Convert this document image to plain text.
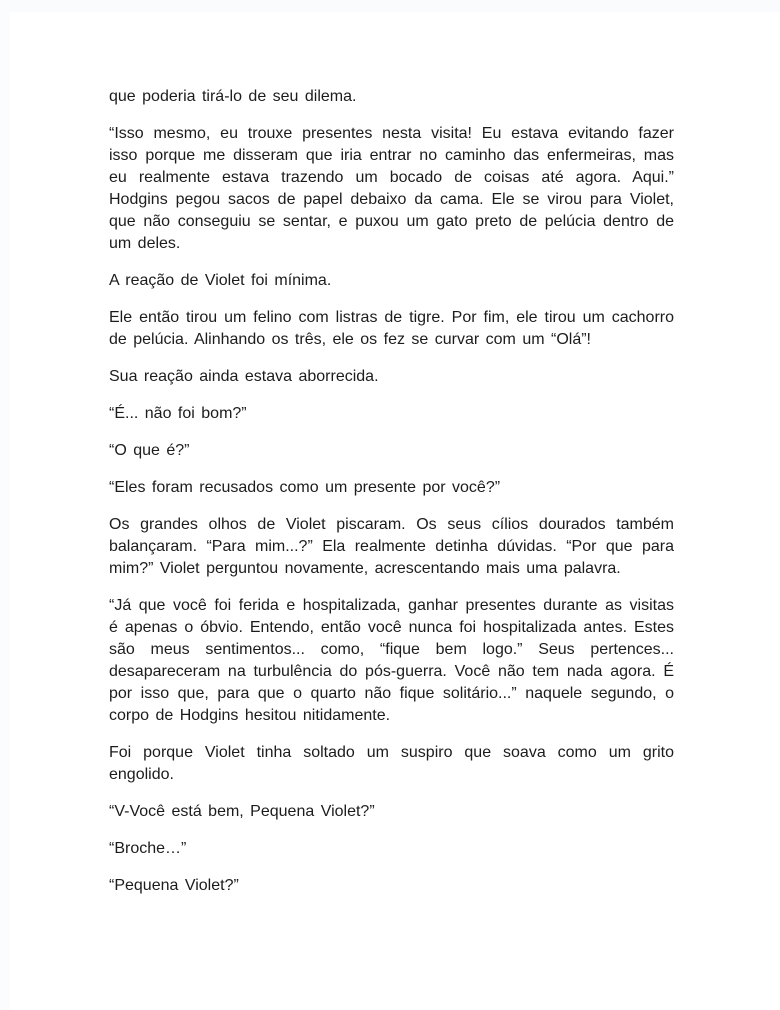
que poderia tirá-lo de seu dilema.

“Isso mesmo, eu trouxe presentes nesta visita! Eu estava evitando fazer isso porque me disseram que iria entrar no caminho das enfermeiras, mas eu realmente estava trazendo um bocado de coisas até agora. Aqui.” Hodgins pegou sacos de papel debaixo da cama. Ele se virou para Violet, que não conseguiu se sentar, e puxou um gato preto de pelúcia dentro de um deles.

A reação de Violet foi mínima.

Ele então tirou um felino com listras de tigre. Por fim, ele tirou um cachorro de pelúcia. Alinhando os três, ele os fez se curvar com um “Olá”!

Sua reação ainda estava aborrecida.

“É... não foi bom?”

“O que é?”

“Eles foram recusados como um presente por você?”

Os grandes olhos de Violet piscaram. Os seus cílios dourados também balançaram. “Para mim...?” Ela realmente detinha dúvidas. “Por que para mim?” Violet perguntou novamente, acrescentando mais uma palavra.

“Já que você foi ferida e hospitalizada, ganhar presentes durante as visitas é apenas o óbvio. Entendo, então você nunca foi hospitalizada antes. Estes são meus sentimentos... como, “fique bem logo.” Seus pertences... desapareceram na turbulência do pós-guerra. Você não tem nada agora. É por isso que, para que o quarto não fique solitário...” naquele segundo, o corpo de Hodgins hesitou nitidamente.

Foi porque Violet tinha soltado um suspiro que soava como um grito engolido.

“V-Você está bem, Pequena Violet?”

“Broche…”

“Pequena Violet?”
